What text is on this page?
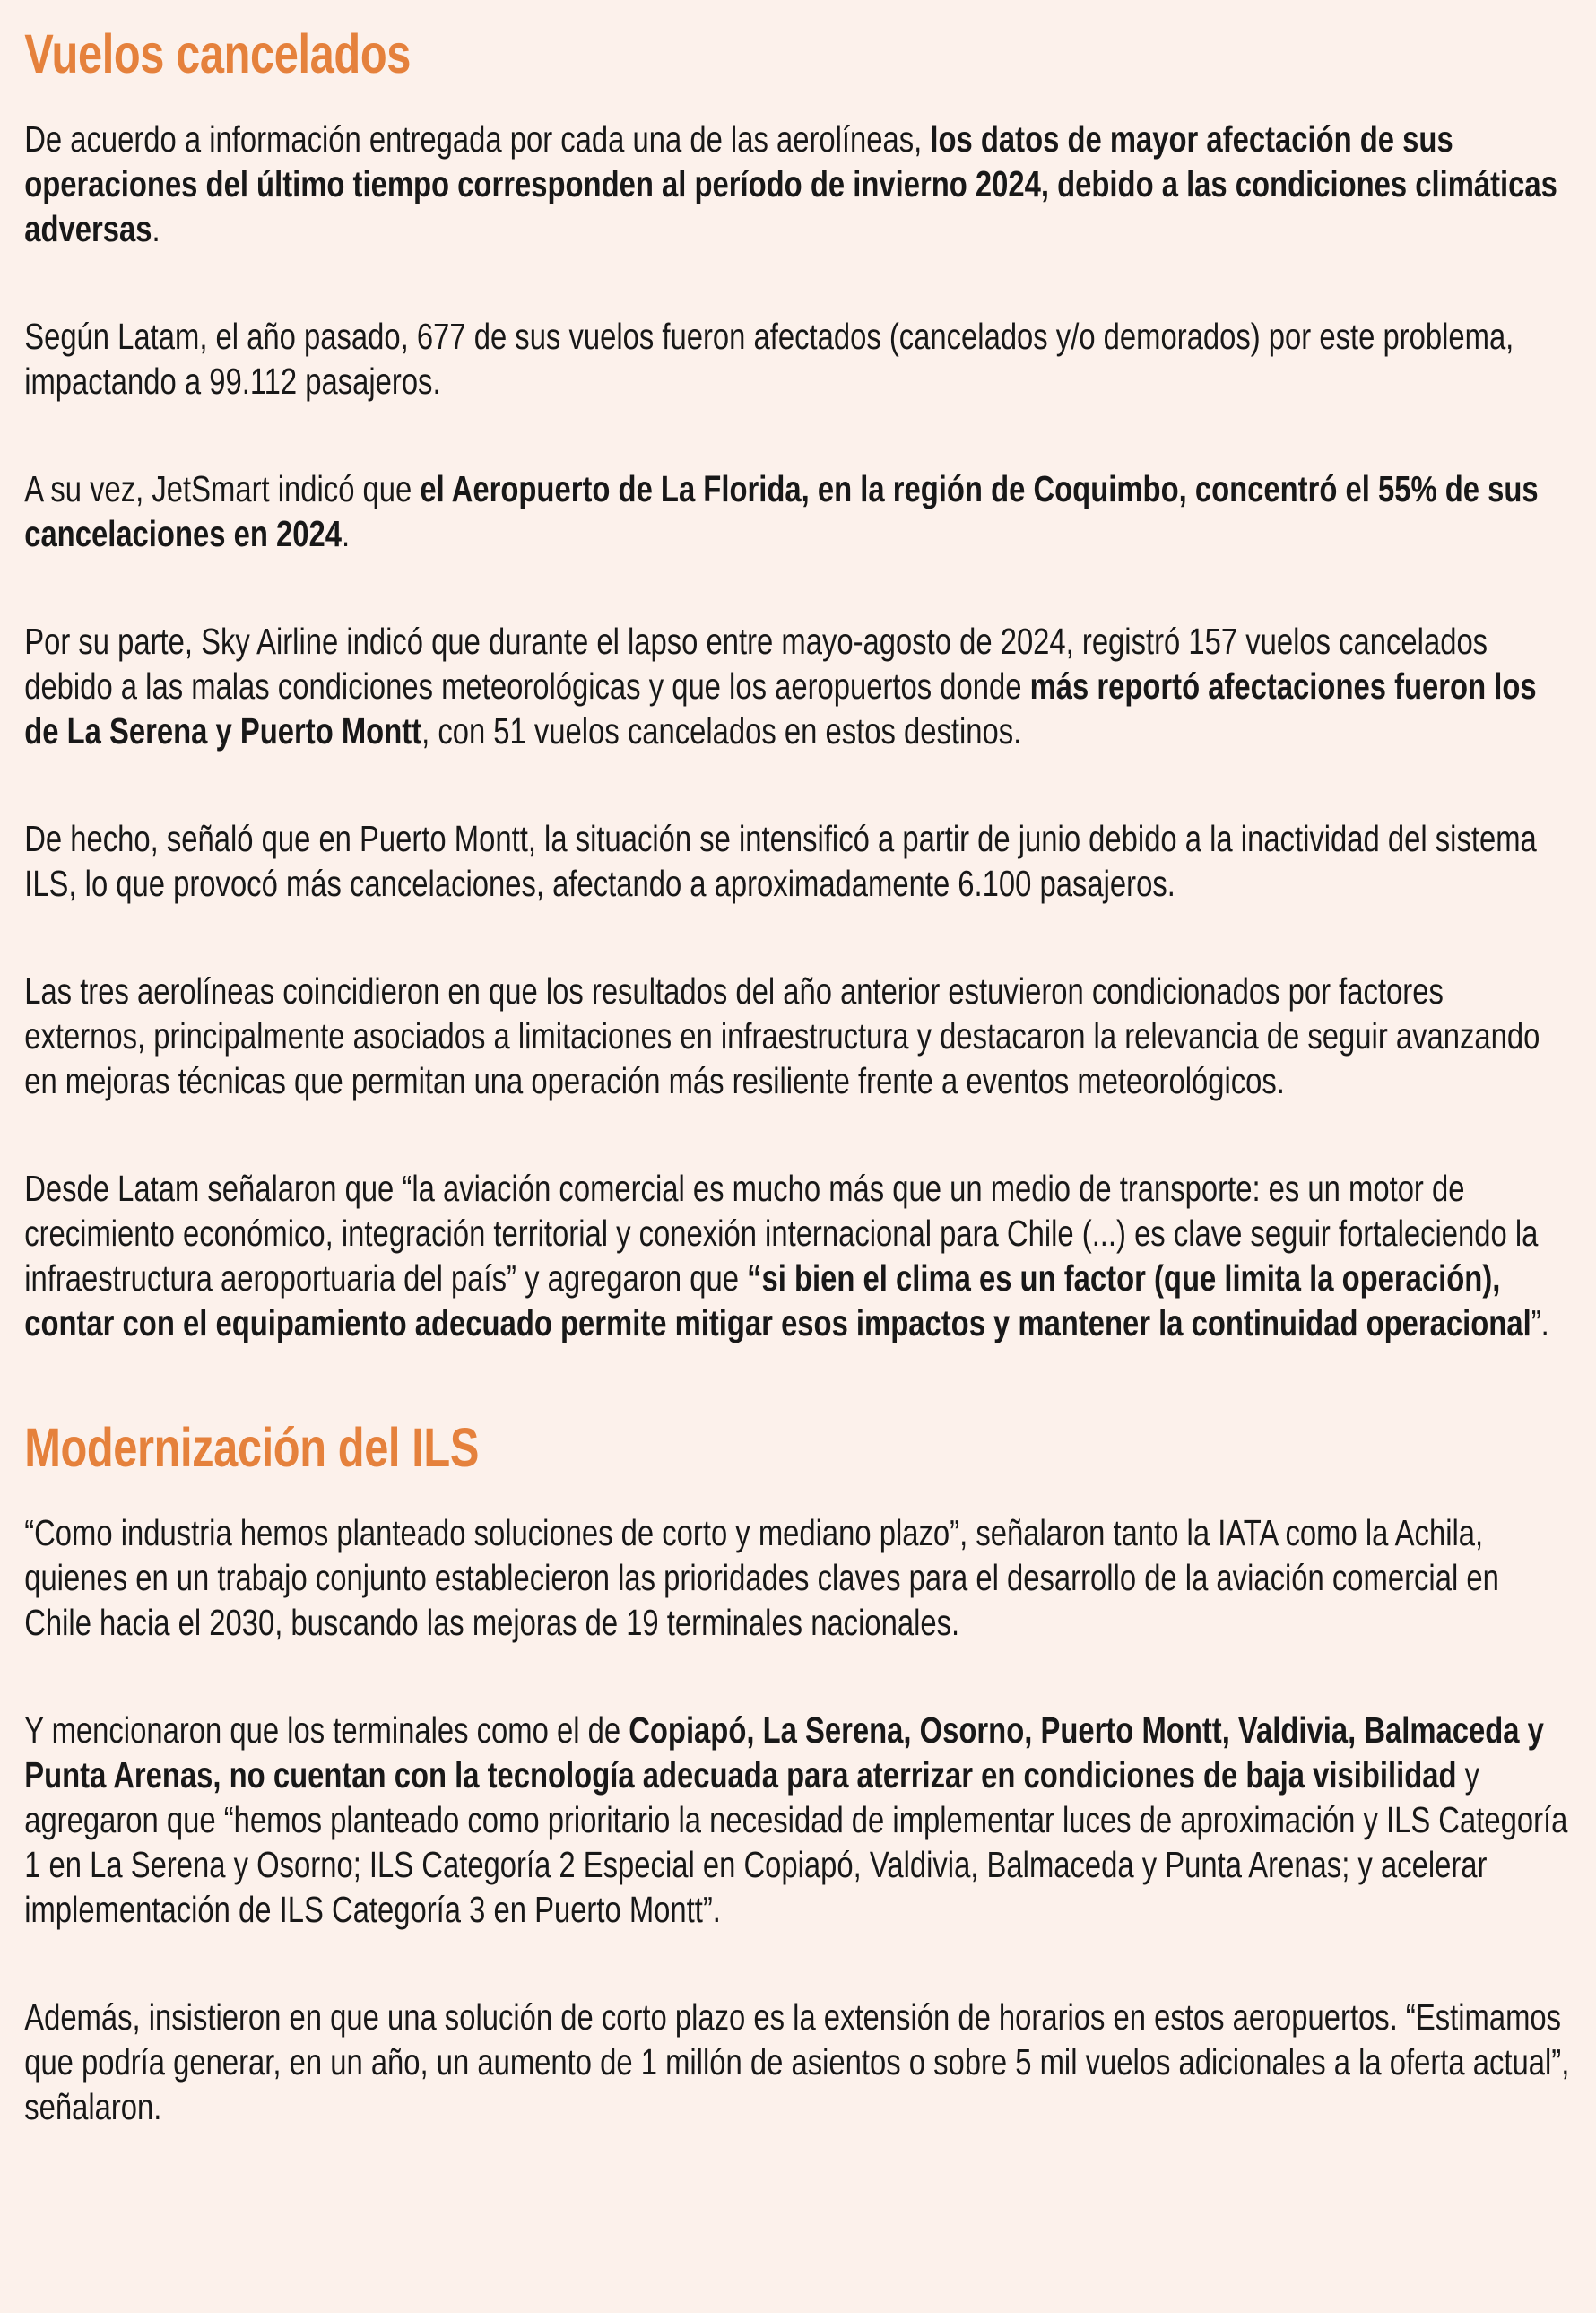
Vuelos cancelados

De acuerdo a información entregada por cada una de las aerolíneas, los datos de mayor afectación de sus operaciones del último tiempo corresponden al período de invierno 2024, debido a las condiciones climáticas adversas.

Según Latam, el año pasado, 677 de sus vuelos fueron afectados (cancelados y/o demorados) por este problema, impactando a 99.112 pasajeros.

A su vez, JetSmart indicó que el Aeropuerto de La Florida, en la región de Coquimbo, concentró el 55% de sus cancelaciones en 2024.

Por su parte, Sky Airline indicó que durante el lapso entre mayo-agosto de 2024, registró 157 vuelos cancelados debido a las malas condiciones meteorológicas y que los aeropuertos donde más reportó afectaciones fueron los de La Serena y Puerto Montt, con 51 vuelos cancelados en estos destinos.

De hecho, señaló que en Puerto Montt, la situación se intensificó a partir de junio debido a la inactividad del sistema ILS, lo que provocó más cancelaciones, afectando a aproximadamente 6.100 pasajeros.

Las tres aerolíneas coincidieron en que los resultados del año anterior estuvieron condicionados por factores externos, principalmente asociados a limitaciones en infraestructura y destacaron la relevancia de seguir avanzando en mejoras técnicas que permitan una operación más resiliente frente a eventos meteorológicos.

Desde Latam señalaron que “la aviación comercial es mucho más que un medio de transporte: es un motor de crecimiento económico, integración territorial y conexión internacional para Chile (...) es clave seguir fortaleciendo la infraestructura aeroportuaria del país” y agregaron que “si bien el clima es un factor (que limita la operación), contar con el equipamiento adecuado permite mitigar esos impactos y mantener la continuidad operacional”.

Modernización del ILS

“Como industria hemos planteado soluciones de corto y mediano plazo”, señalaron tanto la IATA como la Achila, quienes en un trabajo conjunto establecieron las prioridades claves para el desarrollo de la aviación comercial en Chile hacia el 2030, buscando las mejoras de 19 terminales nacionales.

Y mencionaron que los terminales como el de Copiapó, La Serena, Osorno, Puerto Montt, Valdivia, Balmaceda y Punta Arenas, no cuentan con la tecnología adecuada para aterrizar en condiciones de baja visibilidad y agregaron que “hemos planteado como prioritario la necesidad de implementar luces de aproximación y ILS Categoría 1 en La Serena y Osorno; ILS Categoría 2 Especial en Copiapó, Valdivia, Balmaceda y Punta Arenas; y acelerar implementación de ILS Categoría 3 en Puerto Montt”.

Además, insistieron en que una solución de corto plazo es la extensión de horarios en estos aeropuertos. “Estimamos que podría generar, en un año, un aumento de 1 millón de asientos o sobre 5 mil vuelos adicionales a la oferta actual”, señalaron.
